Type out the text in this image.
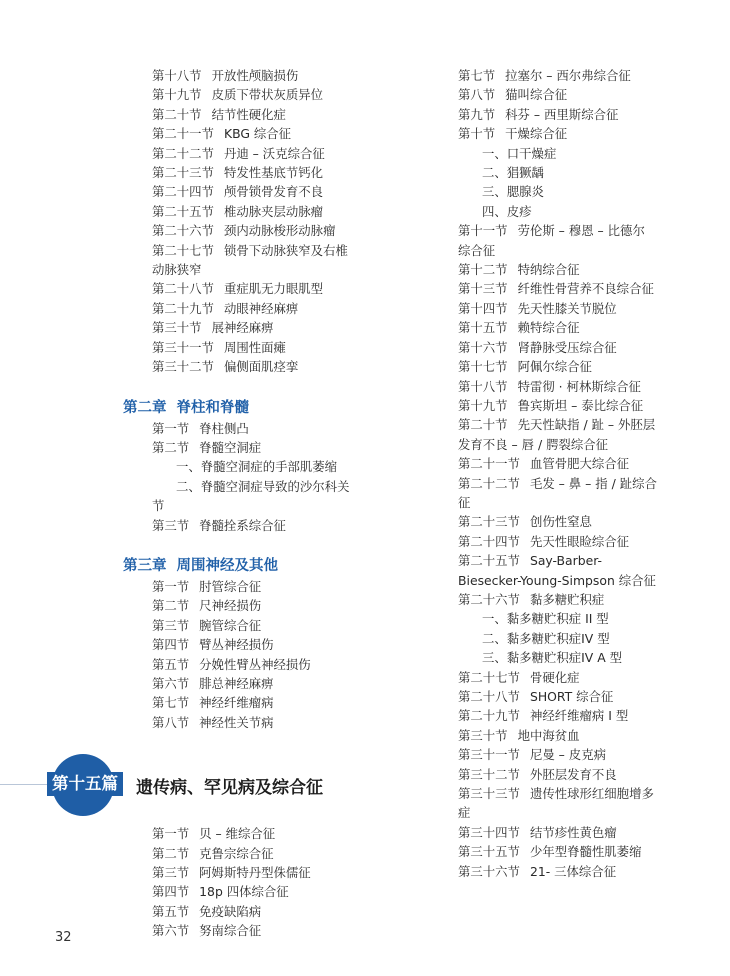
第十八节 开放性颅脑损伤
第十九节 皮质下带状灰质异位
第二十节 结节性硬化症
第二十一节 KBG 综合征
第二十二节 丹迪 – 沃克综合征
第二十三节 特发性基底节钙化
第二十四节 颅骨锁骨发育不良
第二十五节 椎动脉夹层动脉瘤
第二十六节 颈内动脉梭形动脉瘤
第二十七节 锁骨下动脉狭窄及右椎
动脉狭窄
第二十八节 重症肌无力眼肌型
第二十九节 动眼神经麻痹
第三十节 展神经麻痹
第三十一节 周围性面瘫
第三十二节 偏侧面肌痉挛
第二章 脊柱和脊髓
第一节 脊柱侧凸
第二节 脊髓空洞症
一、脊髓空洞症的手部肌萎缩
二、脊髓空洞症导致的沙尔科关
节
第三节 脊髓拴系综合征
第三章 周围神经及其他
第一节 肘管综合征
第二节 尺神经损伤
第三节 腕管综合征
第四节 臂丛神经损伤
第五节 分娩性臂丛神经损伤
第六节 腓总神经麻痹
第七节 神经纤维瘤病
第八节 神经性关节病
第十五篇 遗传病、罕见病及综合征
第一节 贝 – 维综合征
第二节 克鲁宗综合征
第三节 阿姆斯特丹型侏儒征
第四节 18p 四体综合征
第五节 免疫缺陷病
第六节 努南综合征
第七节 拉塞尔 – 西尔弗综合征
第八节 猫叫综合征
第九节 科芬 – 西里斯综合征
第十节 干燥综合征
一、口干燥症
二、猖獗龋
三、腮腺炎
四、皮疹
第十一节 劳伦斯 – 穆恩 – 比德尔
综合征
第十二节 特纳综合征
第十三节 纤维性骨营养不良综合征
第十四节 先天性膝关节脱位
第十五节 赖特综合征
第十六节 肾静脉受压综合征
第十七节 阿佩尔综合征
第十八节 特雷彻 · 柯林斯综合征
第十九节 鲁宾斯坦 – 泰比综合征
第二十节 先天性缺指 / 趾 – 外胚层
发育不良 – 唇 / 腭裂综合征
第二十一节 血管骨肥大综合征
第二十二节 毛发 – 鼻 – 指 / 趾综合
征
第二十三节 创伤性窒息
第二十四节 先天性眼睑综合征
第二十五节 Say-Barber-
Biesecker-Young-Simpson 综合征
第二十六节 黏多糖贮积症
一、黏多糖贮积症 II 型
二、黏多糖贮积症IV 型
三、黏多糖贮积症IV A 型
第二十七节 骨硬化症
第二十八节 SHORT 综合征
第二十九节 神经纤维瘤病 I 型
第三十节 地中海贫血
第三十一节 尼曼 – 皮克病
第三十二节 外胚层发育不良
第三十三节 遗传性球形红细胞增多
症
第三十四节 结节疹性黄色瘤
第三十五节 少年型脊髓性肌萎缩
第三十六节 21- 三体综合征
32
